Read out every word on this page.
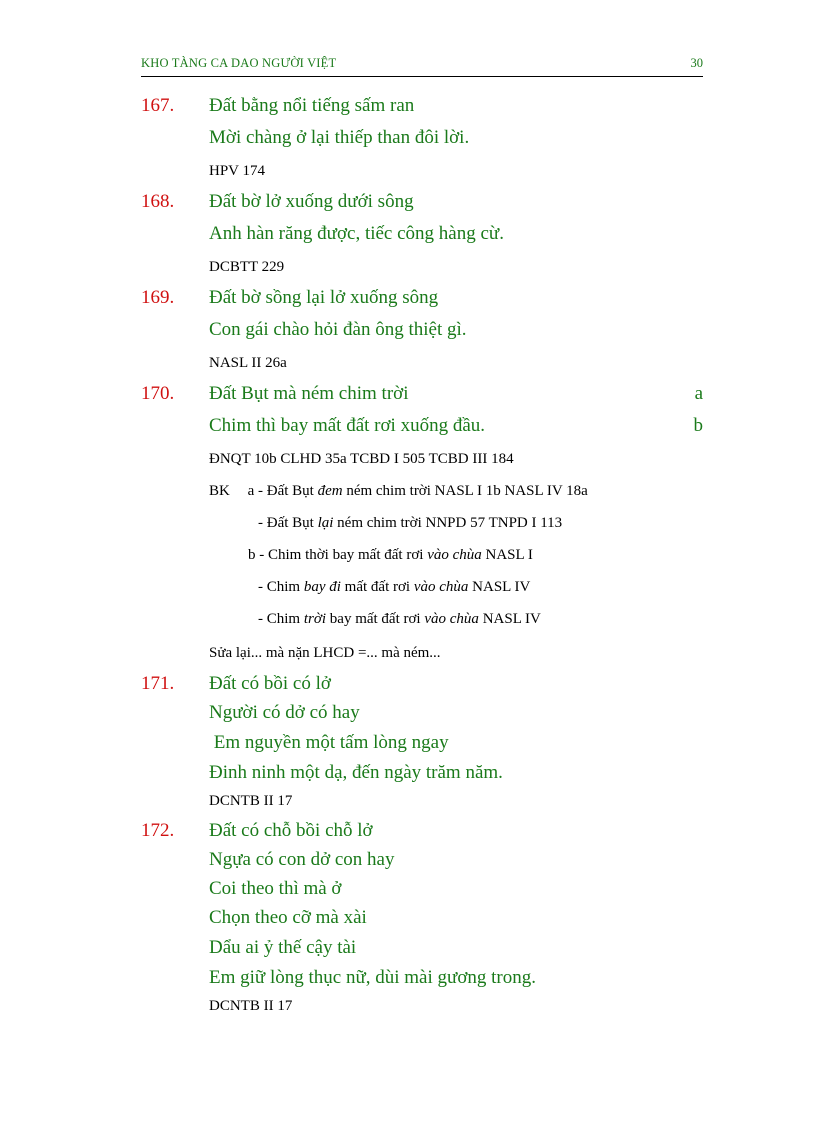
KHO TÀNG CA DAO NGƯỜI VIỆT	30
167. Đất bằng nổi tiếng sấm ran
Mời chàng ở lại thiếp than đôi lời.
HPV 174
168. Đất bờ lở xuống dưới sông
Anh hàn răng được, tiếc công hàng cừ.
DCBTT 229
169. Đất bờ sồng lại lở xuống sông
Con gái chào hỏi đàn ông thiệt gì.
NASL II 26a
170. Đất Bụt mà ném chim trời	a
Chim thì bay mất đất rơi xuống đầu.	b
ĐNQT 10b CLHD 35a TCBD I 505 TCBD III 184
BK a - Đất Bụt đem ném chim trời NASL I 1b NASL IV 18a
- Đất Bụt lại ném chim trời NNPD 57 TNPD I 113
b - Chim thời bay mất đất rơi vào chùa NASL I
- Chim bay đi mất đất rơi vào chùa NASL IV
- Chim trời bay mất đất rơi vào chùa NASL IV
Sửa lại... mà nặn LHCD =... mà ném...
171. Đất có bồi có lở
Người có dở có hay
Em nguyền một tấm lòng ngay
Đinh ninh một dạ, đến ngày trăm năm.
DCNTB II 17
172. Đất có chỗ bồi chỗ lở
Ngựa có con dở con hay
Coi theo thì mà ở
Chọn theo cỡ mà xài
Dẩu ai ỷ thế cậy tài
Em giữ lòng thục nữ, dùi mài gương trong.
DCNTB II 17
